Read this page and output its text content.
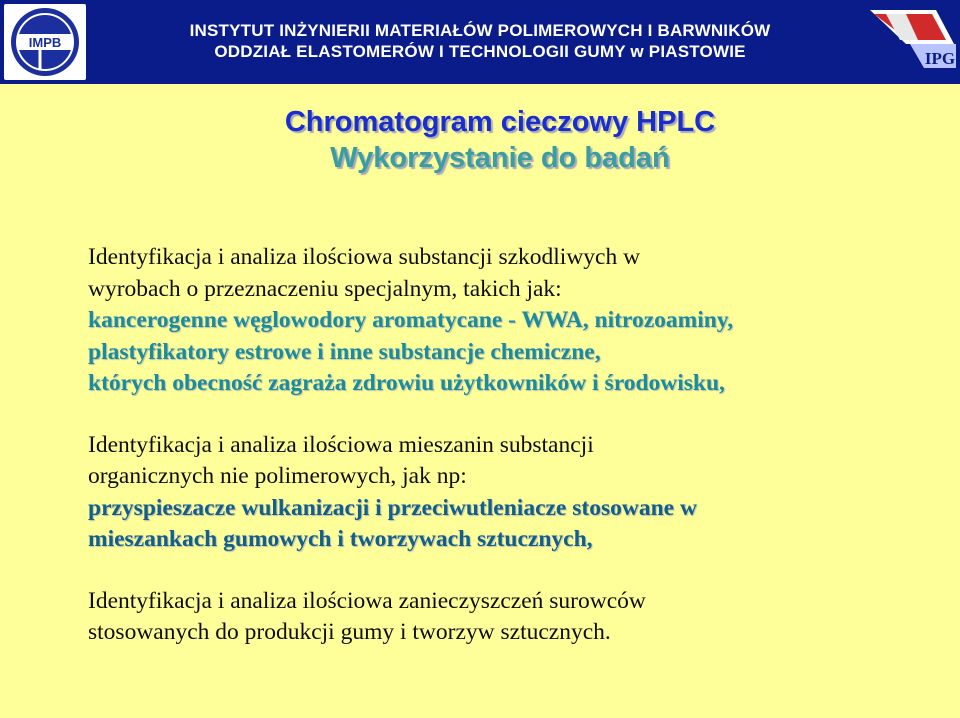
IMPB
INSTYTUT INŻYNIERII MATERIAŁÓW POLIMEROWYCH I BARWNIKÓW
ODDZIAŁ ELASTOMERÓW I TECHNOLOGII GUMY w PIASTOWIE	IPG
Chromatogram cieczowy HPLC
Wykorzystanie do badań

Identyfikacja i analiza ilościowa substancji szkodliwych w
wyrobach o przeznaczeniu specjalnym, takich jak:
kancerogenne węglowodory aromatycane - WWA, nitrozoaminy,
plastyfikatory estrowe i inne substancje chemiczne,
których obecność zagraża zdrowiu użytkowników i środowisku,

Identyfikacja i analiza ilościowa mieszanin substancji
organicznych nie polimerowych, jak np:
przyspieszacze wulkanizacji i przeciwutleniacze stosowane w
mieszankach gumowych i tworzywach sztucznych,

Identyfikacja i analiza ilościowa zanieczyszczeń surowców
stosowanych do produkcji gumy i tworzyw sztucznych.
